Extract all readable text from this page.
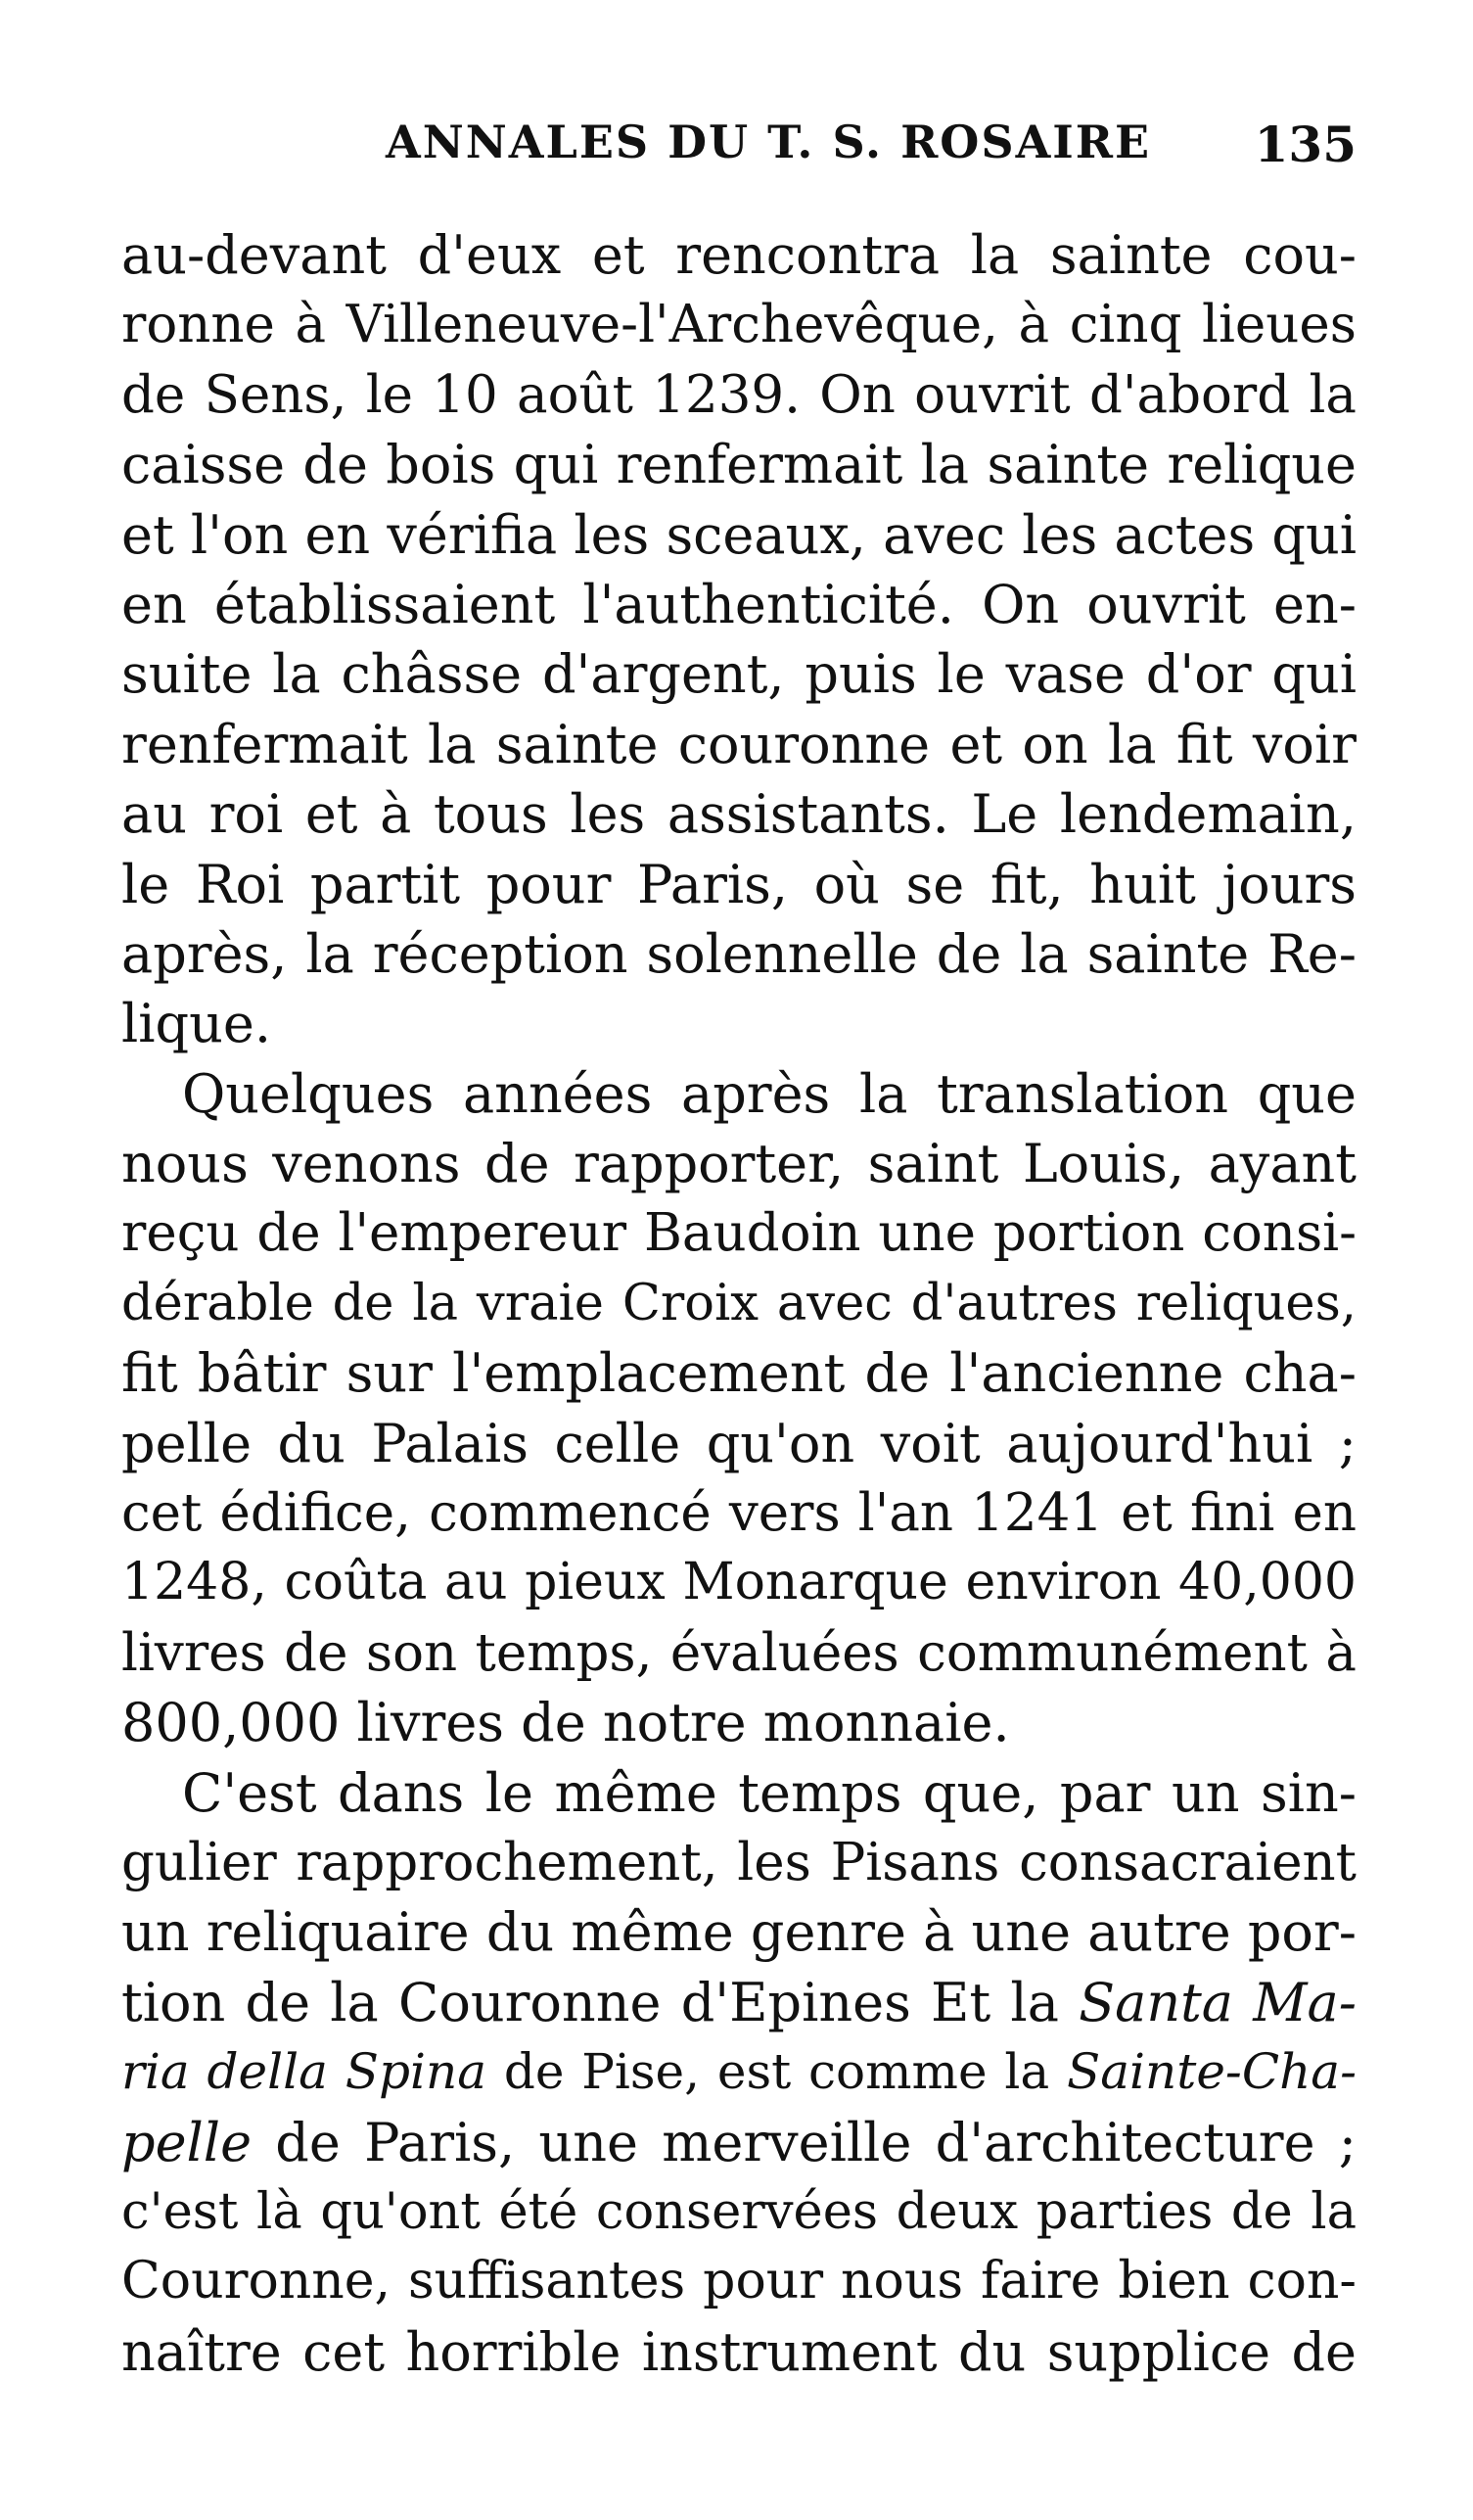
ANNALES DU T. S. ROSAIRE 135
au-devant d'eux et rencontra la sainte cou-
ronne à Villeneuve-l'Archevêque, à cinq lieues
de Sens, le 10 août 1239. On ouvrit d'abord la
caisse de bois qui renfermait la sainte relique
et l'on en vérifia les sceaux, avec les actes qui
en établissaient l'authenticité. On ouvrit en-
suite la châsse d'argent, puis le vase d'or qui
renfermait la sainte couronne et on la fit voir
au roi et à tous les assistants. Le lendemain,
le Roi partit pour Paris, où se fit, huit jours
après, la réception solennelle de la sainte Re-
lique.
Quelques années après la translation que
nous venons de rapporter, saint Louis, ayant
reçu de l'empereur Baudoin une portion consi-
dérable de la vraie Croix avec d'autres reliques,
fit bâtir sur l'emplacement de l'ancienne cha-
pelle du Palais celle qu'on voit aujourd'hui ;
cet édifice, commencé vers l'an 1241 et fini en
1248, coûta au pieux Monarque environ 40,000
livres de son temps, évaluées communément à
800,000 livres de notre monnaie.
C'est dans le même temps que, par un sin-
gulier rapprochement, les Pisans consacraient
un reliquaire du même genre à une autre por-
tion de la Couronne d'Epines Et la Santa Ma-
ria della Spina de Pise, est comme la Sainte-Cha-
pelle de Paris, une merveille d'architecture ;
c'est là qu'ont été conservées deux parties de la
Couronne, suffisantes pour nous faire bien con-
naître cet horrible instrument du supplice de
